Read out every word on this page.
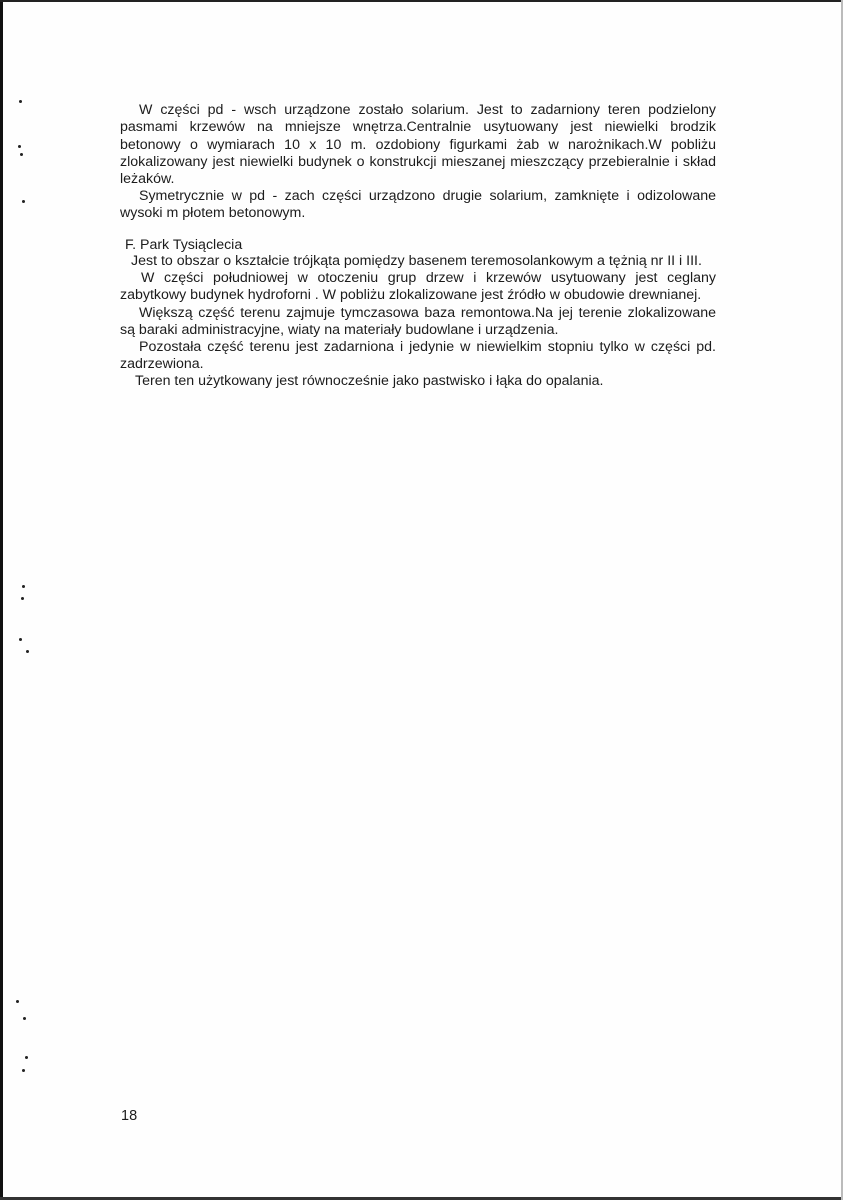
W części pd - wsch urządzone zostało solarium. Jest to zadarniony teren podzielony
pasmami krzewów na mniejsze wnętrza.Centralnie usytuowany jest niewielki brodzik
betonowy o wymiarach 10 x 10 m. ozdobiony figurkami żab w narożnikach.W pobliżu
zlokalizowany jest niewielki budynek o konstrukcji mieszanej mieszczący przebieralnie i skład
leżaków.
Symetrycznie w pd - zach części urządzono drugie solarium, zamknięte i odizolowane
wysoki m płotem betonowym.
F. Park Tysiąclecia
Jest to obszar o kształcie trójkąta pomiędzy basenem teremosolankowym a tężnią nr II i III.
W części południowej w otoczeniu grup drzew i krzewów usytuowany jest ceglany
zabytkowy budynek hydroforni . W pobliżu zlokalizowane jest źródło w obudowie drewnianej.
Większą część terenu zajmuje tymczasowa baza remontowa.Na jej terenie zlokalizowane
są baraki administracyjne, wiaty na materiały budowlane i urządzenia.
Pozostała część terenu jest zadarniona i jedynie w niewielkim stopniu tylko w części pd.
zadrzewiona.
Teren ten użytkowany jest równocześnie jako pastwisko i łąka do opalania.
18
